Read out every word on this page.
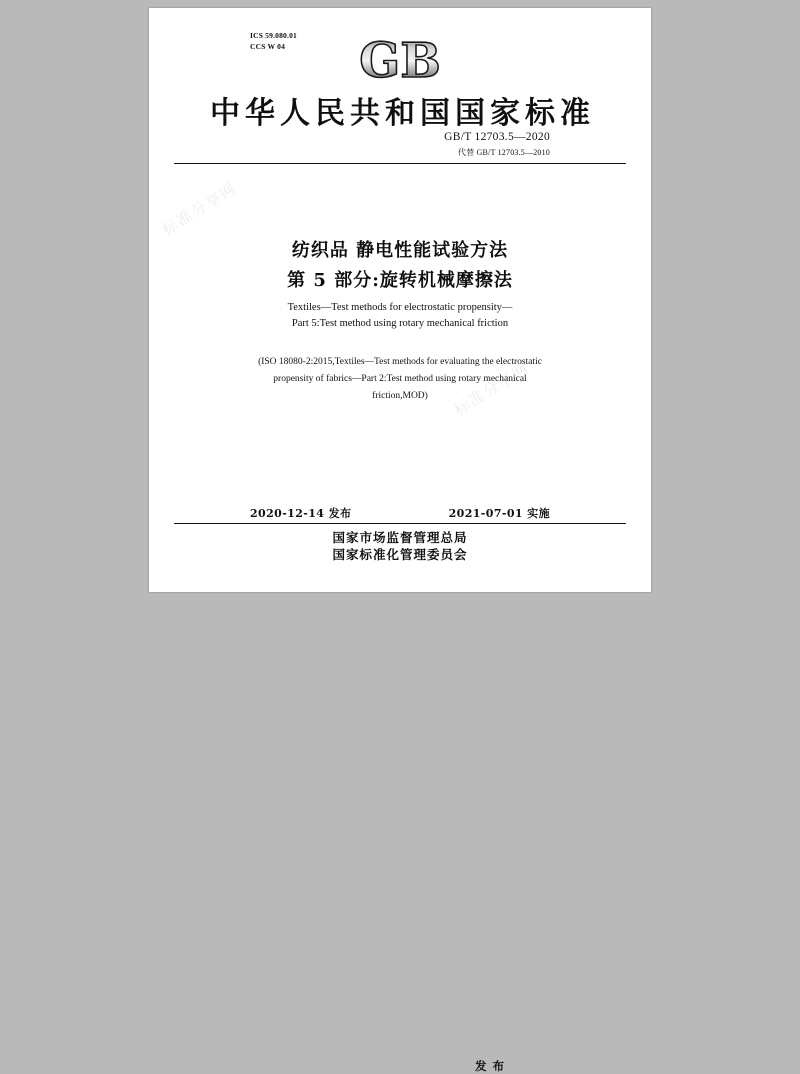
标准分享网
标准分享网
ICS 59.080.01
CCS W 04 GB
中华人民共和国国家标准
GB/T 12703.5—2020
代替 GB/T 12703.5—2010
纺织品 静电性能试验方法
第 5 部分:旋转机械摩擦法
Textiles—Test methods for electrostatic propensity—
Part 5:Test method using rotary mechanical friction
(ISO 18080-2:2015,Textiles—Test methods for evaluating the electrostatic
propensity of fabrics—Part 2:Test method using rotary mechanical
friction,MOD)
2020-12-14 发布	2021-07-01 实施
国家市场监督管理总局
国家标准化管理委员会
发 布
